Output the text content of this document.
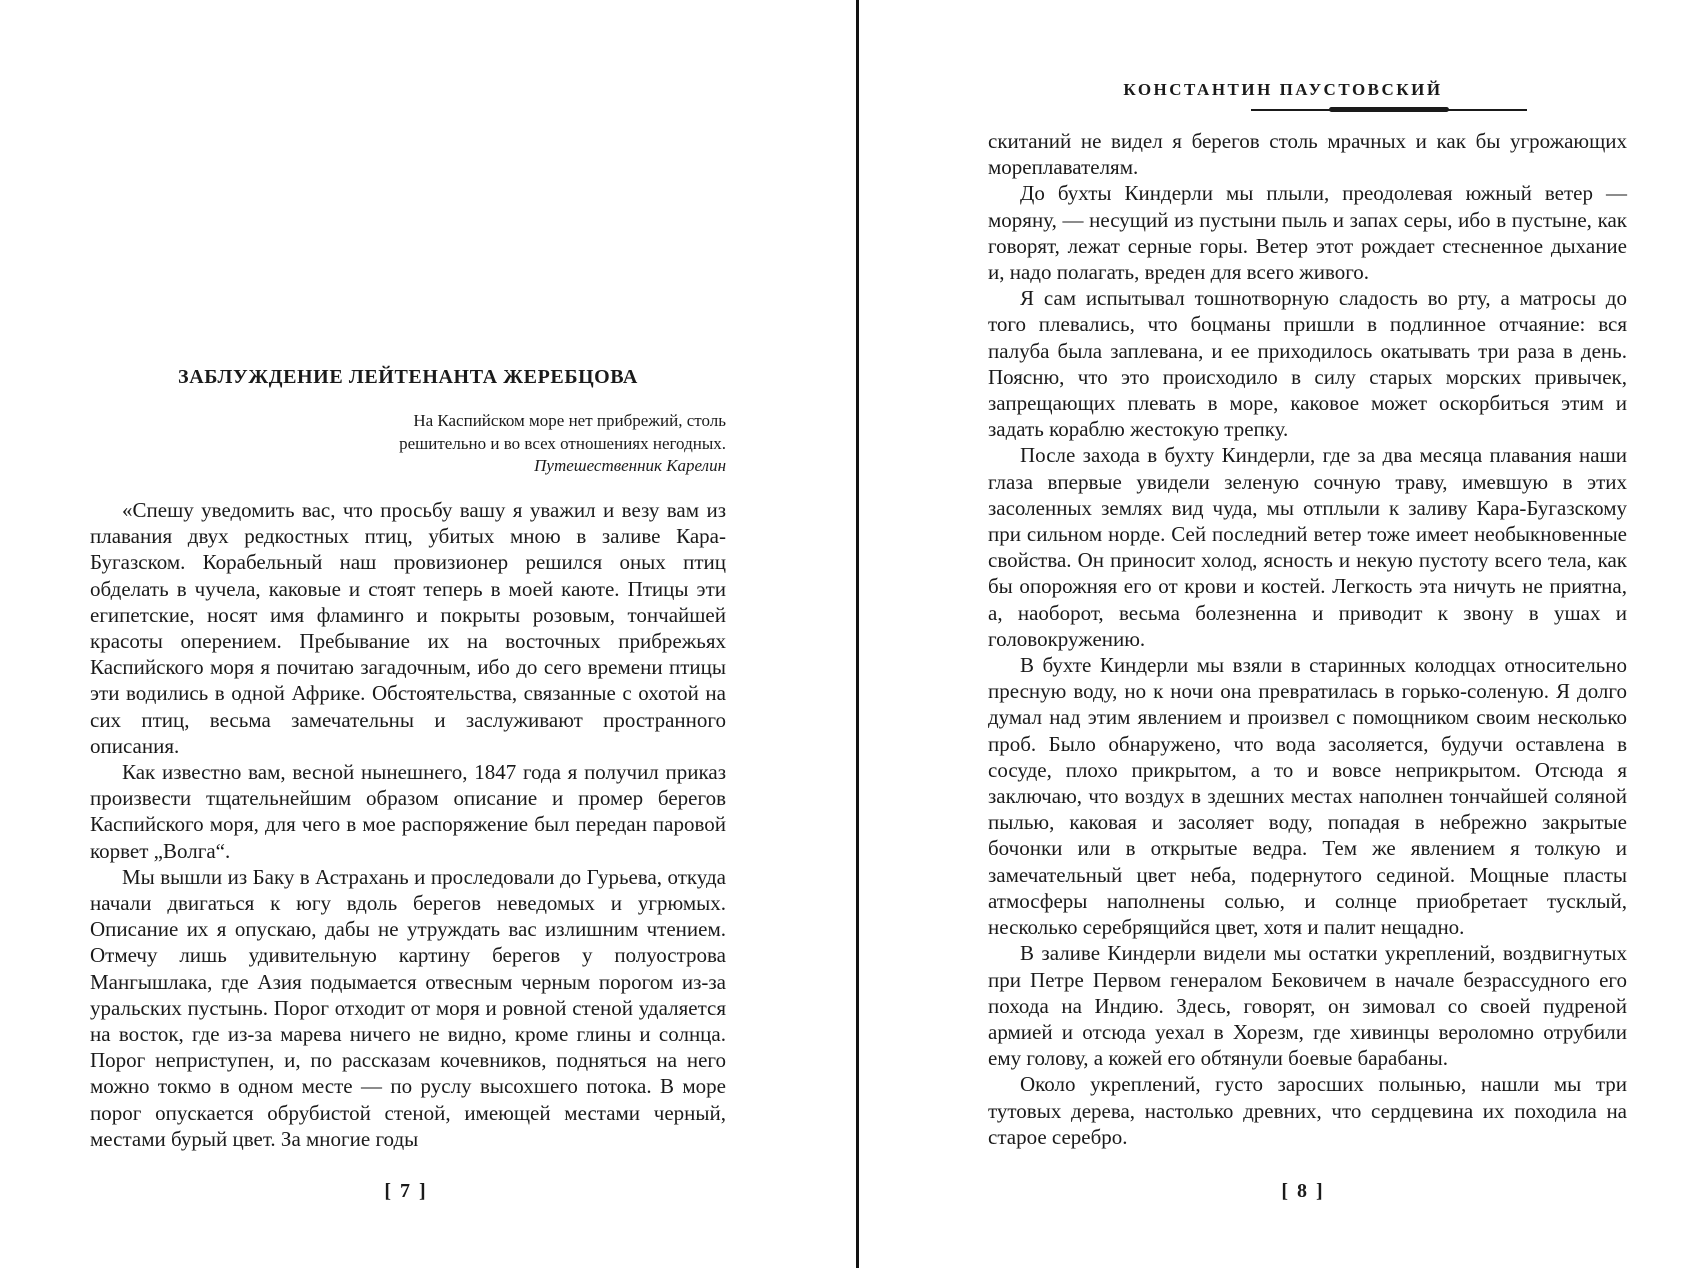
ЗАБЛУЖДЕНИЕ ЛЕЙТЕНАНТА ЖЕРЕБЦОВА
На Каспийском море нет прибрежий, столь решительно и во всех отношениях негодных.
Путешественник Карелин

«Спешу уведомить вас, что просьбу вашу я уважил и везу вам из плавания двух редкостных птиц, убитых мною в заливе Кара-Бугазском. Корабельный наш провизионер решился оных птиц обделать в чучела, каковые и стоят теперь в моей каюте. Птицы эти египетские, носят имя фламинго и покрыты розовым, тончайшей красоты оперением. Пребывание их на восточных прибрежьях Каспийского моря я почитаю загадочным, ибо до сего времени птицы эти водились в одной Африке. Обстоятельства, связанные с охотой на сих птиц, весьма замечательны и заслуживают пространного описания.

Как известно вам, весной нынешнего, 1847 года я получил приказ произвести тщательнейшим образом описание и промер берегов Каспийского моря, для чего в мое распоряжение был передан паровой корвет „Волга“.

Мы вышли из Баку в Астрахань и проследовали до Гурьева, откуда начали двигаться к югу вдоль берегов неведомых и угрюмых. Описание их я опускаю, дабы не утруждать вас излишним чтением. Отмечу лишь удивительную картину берегов у полуострова Мангышлака, где Азия подымается отвесным черным порогом из-за уральских пустынь. Порог отходит от моря и ровной стеной удаляется на восток, где из-за марева ничего не видно, кроме глины и солнца. Порог неприступен, и, по рассказам кочевников, подняться на него можно токмо в одном месте — по руслу высохшего потока. В море порог опускается обрубистой стеной, имеющей местами черный, местами бурый цвет. За многие годы

[ 7 ]
КОНСТАНТИН ПАУСТОВСКИЙ

скитаний не видел я берегов столь мрачных и как бы угрожающих мореплавателям.

До бухты Киндерли мы плыли, преодолевая южный ветер — моряну, — несущий из пустыни пыль и запах серы, ибо в пустыне, как говорят, лежат серные горы. Ветер этот рождает стесненное дыхание и, надо полагать, вреден для всего живого.

Я сам испытывал тошнотворную сладость во рту, а матросы до того плевались, что боцманы пришли в подлинное отчаяние: вся палуба была заплевана, и ее приходилось окатывать три раза в день. Поясню, что это происходило в силу старых морских привычек, запрещающих плевать в море, каковое может оскорбиться этим и задать кораблю жестокую трепку.

После захода в бухту Киндерли, где за два месяца плавания наши глаза впервые увидели зеленую сочную траву, имевшую в этих засоленных землях вид чуда, мы отплыли к заливу Кара-Бугазскому при сильном норде. Сей последний ветер тоже имеет необыкновенные свойства. Он приносит холод, ясность и некую пустоту всего тела, как бы опорожняя его от крови и костей. Легкость эта ничуть не приятна, а, наоборот, весьма болезненна и приводит к звону в ушах и головокружению.

В бухте Киндерли мы взяли в старинных колодцах относительно пресную воду, но к ночи она превратилась в горько-соленую. Я долго думал над этим явлением и произвел с помощником своим несколько проб. Было обнаружено, что вода засоляется, будучи оставлена в сосуде, плохо прикрытом, а то и вовсе неприкрытом. Отсюда я заключаю, что воздух в здешних местах наполнен тончайшей соляной пылью, каковая и засоляет воду, попадая в небрежно закрытые бочонки или в открытые ведра. Тем же явлением я толкую и замечательный цвет неба, подернутого сединой. Мощные пласты атмосферы наполнены солью, и солнце приобретает тусклый, несколько серебрящийся цвет, хотя и палит нещадно.

В заливе Киндерли видели мы остатки укреплений, воздвигнутых при Петре Первом генералом Бековичем в начале безрассудного его похода на Индию. Здесь, говорят, он зимовал со своей пудреной армией и отсюда уехал в Хорезм, где хивинцы вероломно отрубили ему голову, а кожей его обтянули боевые барабаны.

Около укреплений, густо заросших полынью, нашли мы три тутовых дерева, настолько древних, что сердцевина их походила на старое серебро.

[ 8 ]
